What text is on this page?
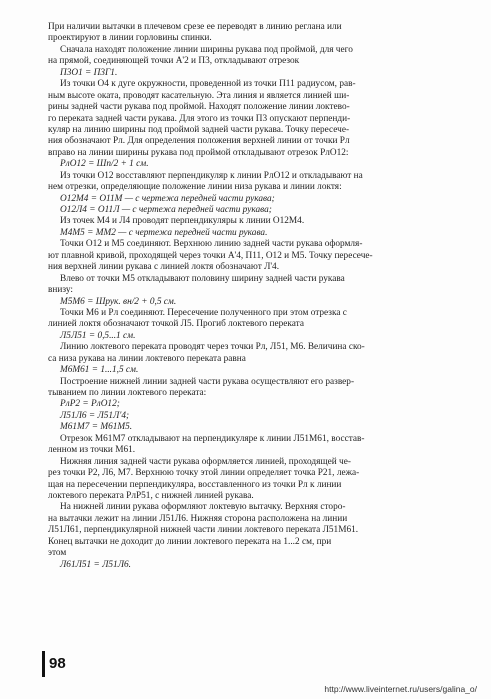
При наличии вытачки в плечевом срезе ее переводят в линию реглана или
проектируют в линии горловины спинки.
Сначала находят положение линии ширины рукава под проймой, для чего
на прямой, соединяющей точки А'2 и П3, откладывают отрезок
П3О1 = П3Г1.
Из точки О4 к дуге окружности, проведенной из точки П11 радиусом, рав-
ным высоте оката, проводят касательную. Эта линия и является линией ши-
рины задней части рукава под проймой. Находят положение линии локтево-
го переката задней части рукава. Для этого из точки П3 опускают перпенди-
куляр на линию ширины под проймой задней части рукава. Точку пересече-
ния обозначают Рл. Для определения положения верхней линии от точки Рл
вправо на линии ширины рукава под проймой откладывают отрезок РлО12:
РлО12 = Шп/2 + 1 см.
Из точки О12 восставляют перпендикуляр к линии РлО12 и откладывают на
нем отрезки, определяющие положение линии низа рукава и линии локтя:
О12М4 = О11М — с чертежа передней части рукава;
О12Л4 = О11Л — с чертежа передней части рукава;
Из точек М4 и Л4 проводят перпендикуляры к линии О12М4.
М4М5 = ММ2 — с чертежа передней части рукава.
Точки О12 и М5 соединяют. Верхнюю линию задней части рукава оформля-
ют плавной кривой, проходящей через точки А'4, П11, О12 и М5. Точку пересече-
ния верхней линии рукава с линией локтя обозначают Л'4.
Влево от точки М5 откладывают половину ширину задней части рукава
внизу:
М5М6 = Шрук. вн/2 + 0,5 см.
Точки М6 и Рл соединяют. Пересечение полученного при этом отрезка с
линией локтя обозначают точкой Л5. Прогиб локтевого переката
Л5Л51 = 0,5...1 см.
Линию локтевого переката проводят через точки Рл, Л51, М6. Величина ско-
са низа рукава на линии локтевого переката равна
М6М61 = 1...1,5 см.
Построение нижней линии задней части рукава осуществляют его развер-
тыванием по линии локтевого переката:
РлР2 = РлО12;
Л51Л6 = Л51Л'4;
М61М7 = М61М5.
Отрезок М61М7 откладывают на перпендикуляре к линии Л51М61, восстав-
ленном из точки М61.
Нижняя линия задней части рукава оформляется линией, проходящей че-
рез точки Р2, Л6, М7. Верхнюю точку этой линии определяет точка Р21, лежа-
щая на пересечении перпендикуляра, восставленного из точки Рл к линии
локтевого переката РлР51, с нижней линией рукава.
На нижней линии рукава оформляют локтевую вытачку. Верхняя сторо-
на вытачки лежит на линии Л51Л6. Нижняя сторона расположена на линии
Л51Л61, перпендикулярной нижней части линии локтевого переката Л51М61.
Конец вытачки не доходит до линии локтевого переката на 1...2 см, при
этом
Л61Л51 = Л51Л6.
98
http://www.liveinternet.ru/users/galina_o/
